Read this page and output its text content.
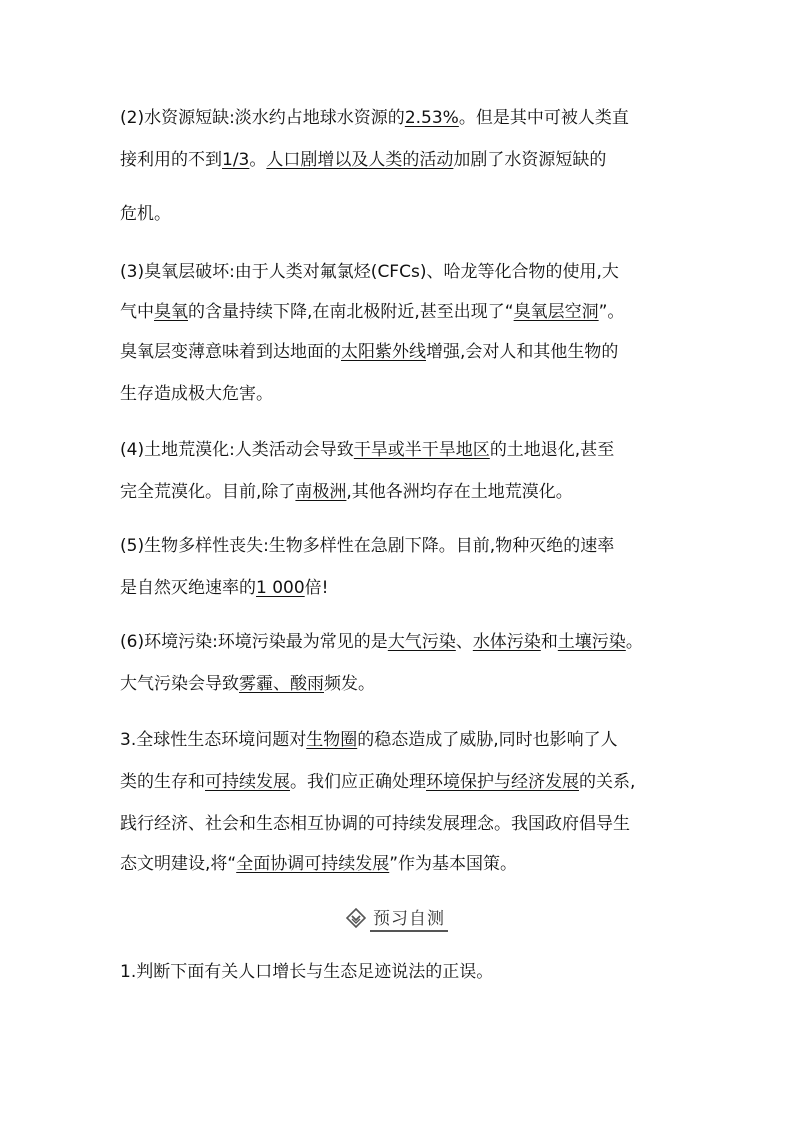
(2)水资源短缺:淡水约占地球水资源的2.53%。但是其中可被人类直
接利用的不到1/3。人口剧增以及人类的活动加剧了水资源短缺的
危机。
(3)臭氧层破坏:由于人类对氟氯烃(CFCs)、哈龙等化合物的使用,大
气中臭氧的含量持续下降,在南北极附近,甚至出现了“臭氧层空洞”。
臭氧层变薄意味着到达地面的太阳紫外线增强,会对人和其他生物的
生存造成极大危害。
(4)土地荒漠化:人类活动会导致干旱或半干旱地区的土地退化,甚至
完全荒漠化。目前,除了南极洲,其他各洲均存在土地荒漠化。
(5)生物多样性丧失:生物多样性在急剧下降。目前,物种灭绝的速率
是自然灭绝速率的1 000倍!
(6)环境污染:环境污染最为常见的是大气污染、水体污染和土壤污染。
大气污染会导致雾霾、酸雨频发。
3.全球性生态环境问题对生物圈的稳态造成了威胁,同时也影响了人
类的生存和可持续发展。我们应正确处理环境保护与经济发展的关系,
践行经济、社会和生态相互协调的可持续发展理念。我国政府倡导生
态文明建设,将“全面协调可持续发展”作为基本国策。
预习自测
1.判断下面有关人口增长与生态足迹说法的正误。
